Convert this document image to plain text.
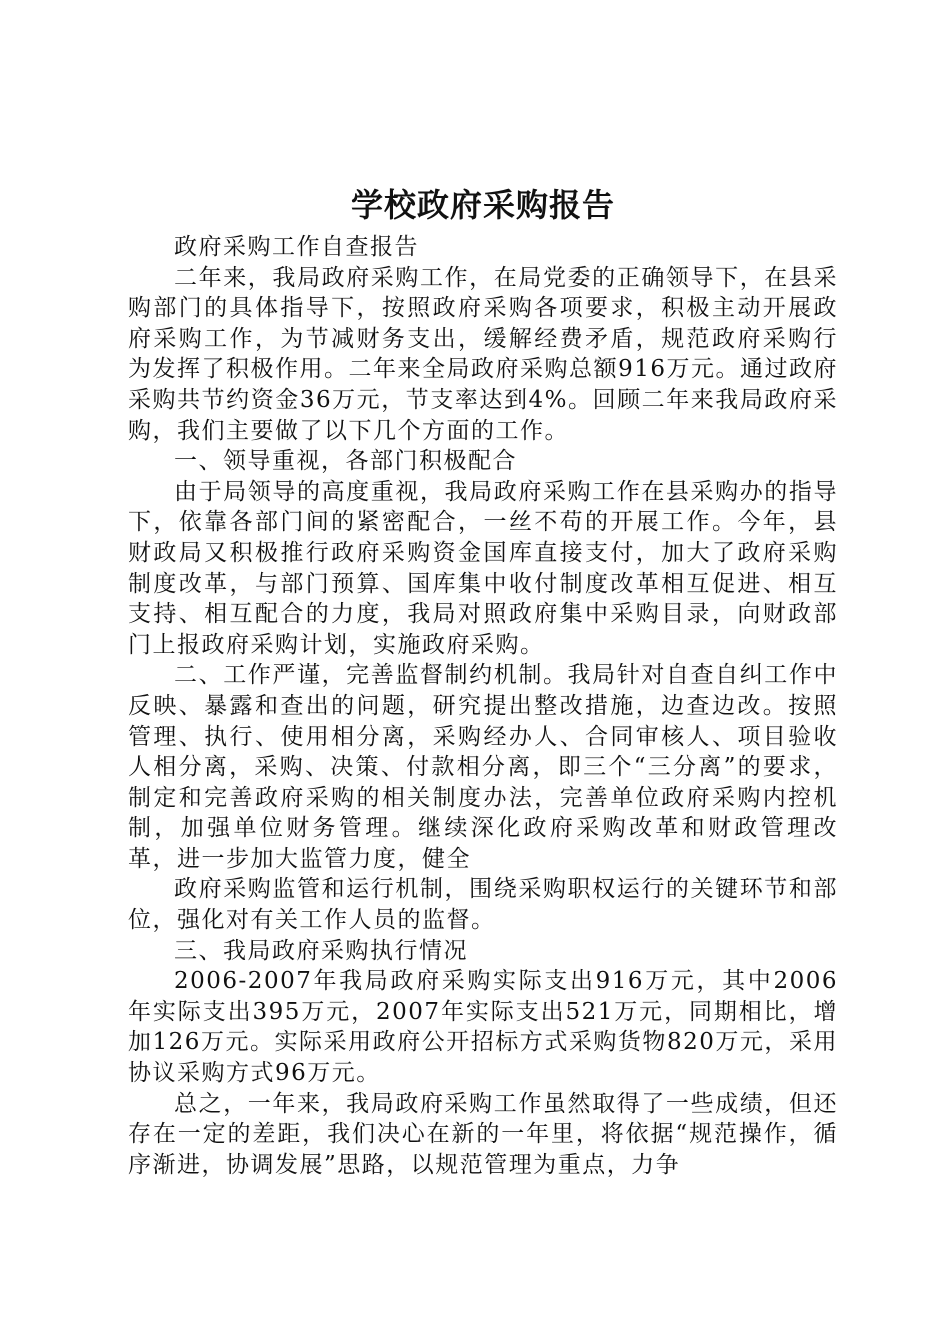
学校政府采购报告

政府采购工作自查报告

二年来，我局政府采购工作，在局党委的正确领导下，在县采购部门的具体指导下，按照政府采购各项要求，积极主动开展政府采购工作，为节减财务支出，缓解经费矛盾，规范政府采购行为发挥了积极作用。二年来全局政府采购总额916万元。通过政府采购共节约资金36万元，节支率达到4%。回顾二年来我局政府采购，我们主要做了以下几个方面的工作。

一、领导重视，各部门积极配合

由于局领导的高度重视，我局政府采购工作在县采购办的指导下，依靠各部门间的紧密配合，一丝不苟的开展工作。今年，县财政局又积极推行政府采购资金国库直接支付，加大了政府采购制度改革，与部门预算、国库集中收付制度改革相互促进、相互支持、相互配合的力度，我局对照政府集中采购目录，向财政部门上报政府采购计划，实施政府采购。

二、工作严谨，完善监督制约机制。我局针对自查自纠工作中反映、暴露和查出的问题，研究提出整改措施，边查边改。按照管理、执行、使用相分离，采购经办人、合同审核人、项目验收人相分离，采购、决策、付款相分离，即三个“三分离”的要求，制定和完善政府采购的相关制度办法，完善单位政府采购内控机制，加强单位财务管理。继续深化政府采购改革和财政管理改革，进一步加大监管力度，健全

政府采购监管和运行机制，围绕采购职权运行的关键环节和部位，强化对有关工作人员的监督。

三、我局政府采购执行情况

2006-2007年我局政府采购实际支出916万元，其中2006年实际支出395万元，2007年实际支出521万元，同期相比，增加126万元。实际采用政府公开招标方式采购货物820万元，采用协议采购方式96万元。

总之，一年来，我局政府采购工作虽然取得了一些成绩，但还存在一定的差距，我们决心在新的一年里，将依据“规范操作，循序渐进，协调发展”思路，以规范管理为重点，力争
